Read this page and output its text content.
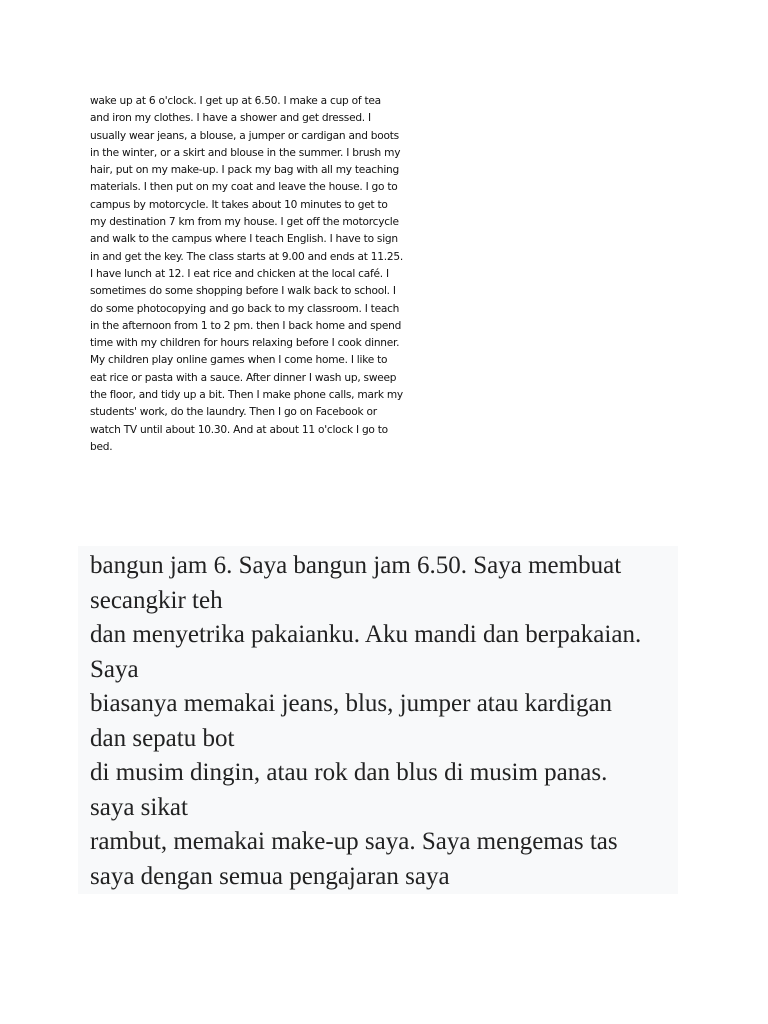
wake up at 6 o'clock. I get up at 6.50. I make a cup of tea

and iron my clothes. I have a shower and get dressed. I

usually wear jeans, a blouse, a jumper or cardigan and boots

in the winter, or a skirt and blouse in the summer. I brush my

hair, put on my make-up. I pack my bag with all my teaching

materials. I then put on my coat and leave the house. I go to

campus by motorcycle. It takes about 10 minutes to get to

my destination 7 km from my house. I get off the motorcycle

and walk to the campus where I teach English. I have to sign

in and get the key. The class starts at 9.00 and ends at 11.25.

I have lunch at 12. I eat rice and chicken at the local café. I

sometimes do some shopping before I walk back to school. I

do some photocopying and go back to my classroom. I teach

in the afternoon from 1 to 2 pm. then I back home and spend

time with my children for hours relaxing before I cook dinner.

My children play online games when I come home. I like to

eat rice or pasta with a sauce. After dinner I wash up, sweep

the floor, and tidy up a bit. Then I make phone calls, mark my

students' work, do the laundry. Then I go on Facebook or

watch TV until about 10.30. And at about 11 o'clock I go to

bed.

bangun jam 6. Saya bangun jam 6.50. Saya membuat

secangkir teh

dan menyetrika pakaianku. Aku mandi dan berpakaian.

Saya

biasanya memakai jeans, blus, jumper atau kardigan

dan sepatu bot

di musim dingin, atau rok dan blus di musim panas.

saya sikat

rambut, memakai make-up saya. Saya mengemas tas

saya dengan semua pengajaran saya
